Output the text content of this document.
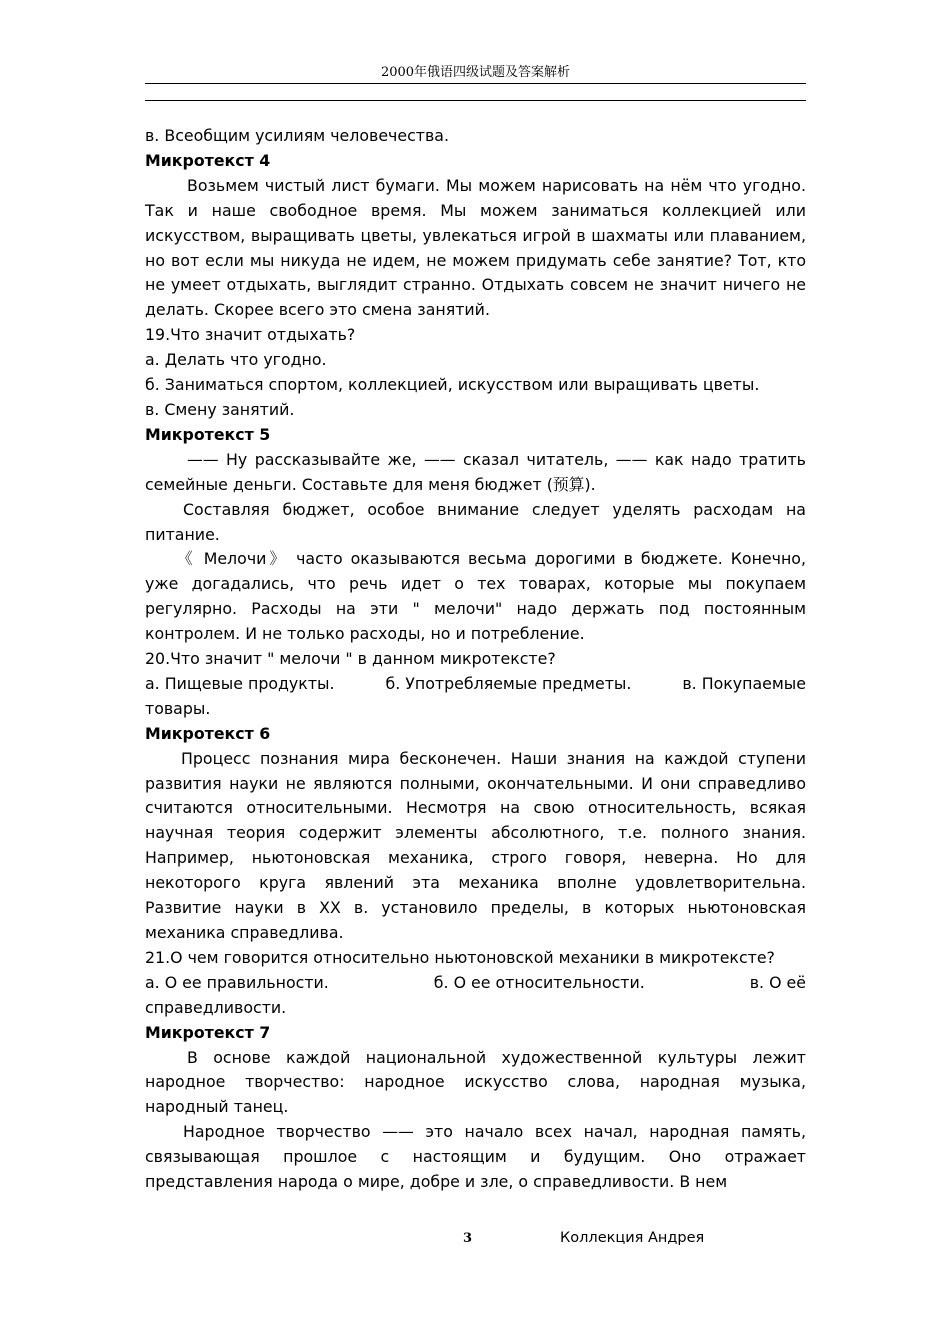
2000年俄语四级试题及答案解析

в. Всеобщим усилиям человечества.

Микротекст 4

Возьмем чистый лист бумаги. Мы можем нарисовать на нём что угодно. Так и наше свободное время. Мы можем заниматься коллекцией или искусством, выращивать цветы, увлекаться игрой в шахматы или плаванием, но вот если мы никуда не идем, не можем придумать себе занятие? Тот, кто не умеет отдыхать, выглядит странно. Отдыхать совсем не значит ничего не делать. Скорее всего это смена занятий.

19.Что значит отдыхать?

а. Делать что угодно.

б. Заниматься спортом, коллекцией, искусством или выращивать цветы.

в. Смену занятий.

Микротекст 5

—— Ну рассказывайте же, —— сказал читатель, —— как надо тратить семейные деньги. Составьте для меня бюджет (预算).

Составляя бюджет, особое внимание следует уделять расходам на питание.

《 Мелочи》 часто оказываются весьма дорогими в бюджете. Конечно, уже догадались, что речь идет о тех товарах, которые мы покупаем регулярно. Расходы на эти " мелочи" надо держать под постоянным контролем. И не только расходы, но и потребление.

20.Что значит " мелочи " в данном микротексте?

а. Пищевые продукты.	б. Употребляемые предметы.	в. Покупаемые

товары.

Микротекст 6

Процесс познания мира бесконечен. Наши знания на каждой ступени развития науки не являются полными, окончательными. И они справедливо считаются относительными. Несмотря на свою относительность, всякая научная теория содержит элементы абсолютного, т.е. полного знания. Например, ньютоновская механика, строго говоря, неверна. Но для некоторого круга явлений эта механика вполне удовлетворительна. Развитие науки в ХХ в. установило пределы, в которых ньютоновская механика справедлива.

21.О чем говорится относительно ньютоновской механики в микротексте?

а. О ее правильности.	б. О ее относительности.	в. О её

справедливости.

Микротекст 7

В основе каждой национальной художественной культуры лежит народное творчество: народное искусство слова, народная музыка, народный танец.

Народное творчество —— это начало всех начал, народная память, связывающая прошлое с настоящим и будущим. Оно отражает представления народа о мире, добре и зле, о справедливости. В нем

3	Коллекция Андрея
